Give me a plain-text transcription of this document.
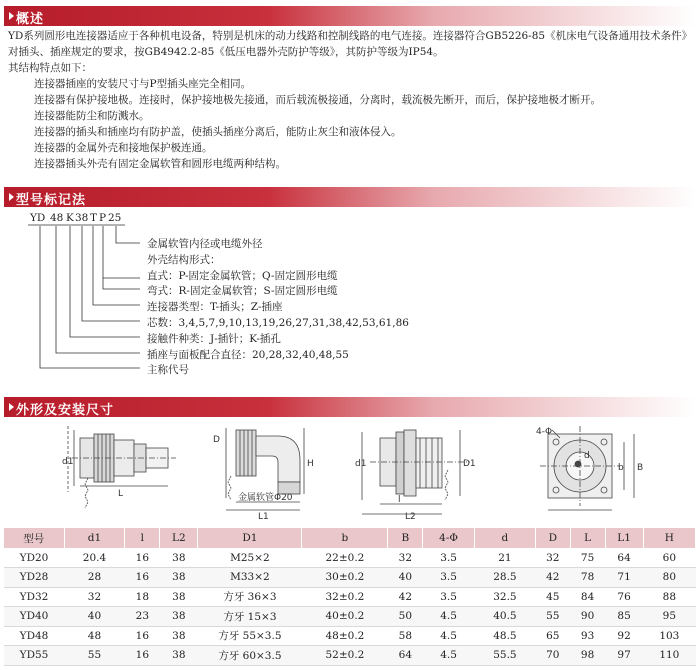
概述

YD系列圆形电连接器适应于各种机电设备，特别是机床的动力线路和控制线路的电气连接。连接器符合GB5226-85《机床电气设备通用技术条件》对插头、插座规定的要求，按GB4942.2-85《低压电器外壳防护等级》，其防护等级为IP54。

其结构特点如下：

连接器插座的安装尺寸与P型插头座完全相同。

连接器有保护接地极。连接时，保护接地极先接通，而后载流极接通，分离时，载流极先断开，而后，保护接地极才断开。

连接器能防尘和防溅水。

连接器的插头和插座均有防护盖，使插头插座分离后，能防止灰尘和液体侵入。

连接器的金属外壳和接地保护极连通。

连接器插头外壳有固定金属软管和圆形电缆两种结构。

型号标记法
YD 48 K 38 T P 25
金属软管内径或电缆外径
外壳结构形式：
直式：P-固定金属软管；Q-固定圆形电缆
弯式：R-固定金属软管；S-固定圆形电缆
连接器类型：T-插头；Z-插座
芯数：3,4,5,7,9,10,13,19,26,27,31,38,42,53,61,86
接触件种类：J-插针；K-插孔
插座与面板配合直径：20,28,32,40,48,55
主称代号
外形及安装尺寸
d1
L
D
H
金属软管Φ20
L1
d1	D1
l
L2
4-Φ
b B
d
型号	d1	l	L2	D1	b	B	4-Φ	d	D	L	L1	H
YD20	20.4	16	38	M25×2	22±0.2	32	3.5	21	32	75	64	60
YD28	28	16	38	M33×2	30±0.2	40	3.5	28.5	42	78	71	80
YD32	32	18	38	方牙 36×3	32±0.2	42	3.5	32.5	45	84	76	88
YD40	40	23	38	方牙 15×3	40±0.2	50	4.5	40.5	55	90	85	95
YD48	48	16	38	方牙 55×3.5	48±0.2	58	4.5	48.5	65	93	92	103
YD55	55	16	38	方牙 60×3.5	52±0.2	64	4.5	55.5	70	98	97	110
